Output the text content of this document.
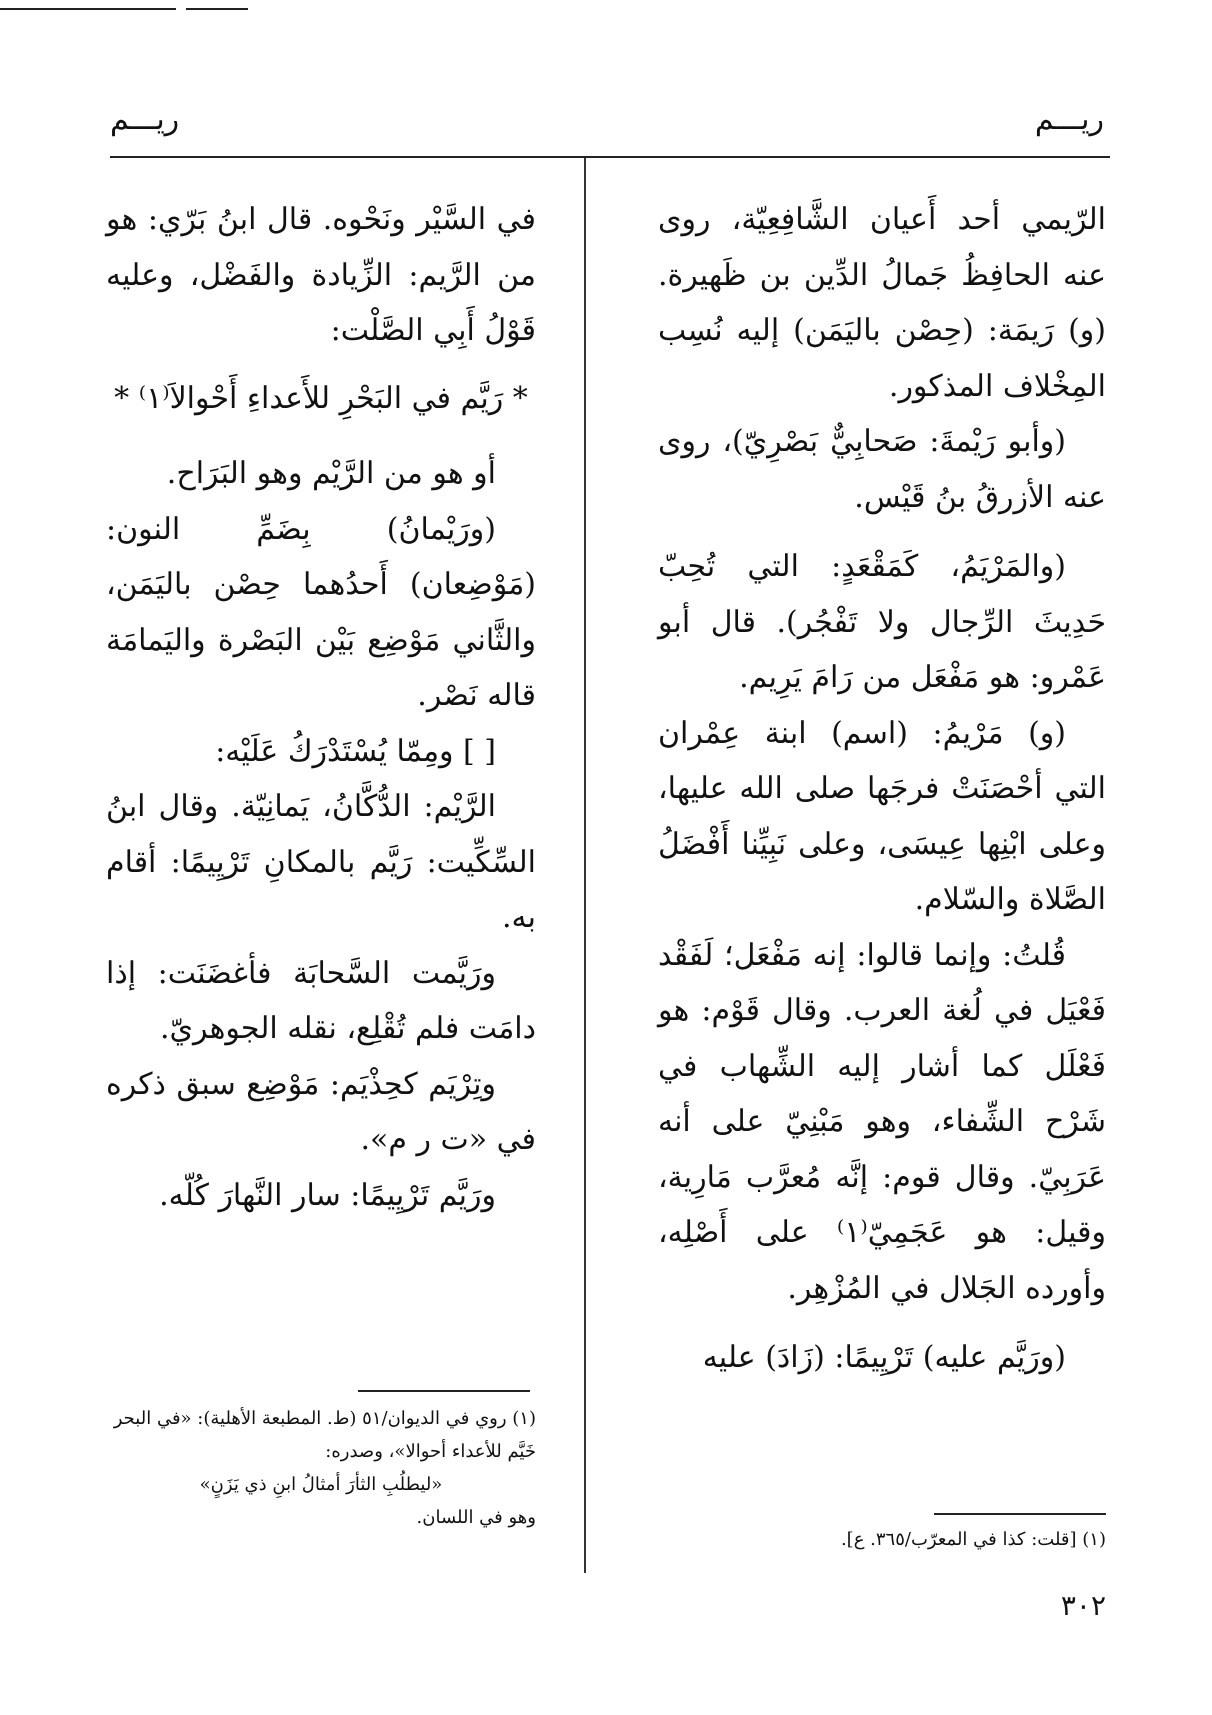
ريـــم
ريـــم

الرّيمي أحد أَعيان الشَّافِعِيّة، روى عنه الحافِظُ جَمالُ الدِّين بن ظَهيرة. (و) رَيمَة: (حِصْن باليَمَن) إليه نُسِب المِخْلاف المذكور.

(وأبو رَيْمةَ: صَحابِيٌّ بَصْرِيّ)، روى عنه الأزرقُ بنُ قَيْس.

(والمَرْيَمُ، كَمَقْعَدٍ: التي تُحِبّ حَدِيثَ الرِّجال ولا تَفْجُر). قال أبو عَمْرو: هو مَفْعَل من رَامَ يَرِيم.

(و) مَرْيمُ: (اسم) ابنة عِمْران التي أحْصَنَتْ فرجَها صلى الله عليها، وعلى ابْنِها عِيسَى، وعلى نَبِيِّنا أَفْضَلُ الصَّلاة والسّلام.

قُلتُ: وإنما قالوا: إنه مَفْعَل؛ لَفَقْد فَعْيَل في لُغة العرب. وقال قَوْم: هو فَعْلَل كما أشار إليه الشِّهاب في شَرْح الشِّفاء، وهو مَبْنِيّ على أنه عَرَبِيّ. وقال قوم: إنَّه مُعرَّب مَارِية، وقيل: هو عَجَمِيّ⁽١⁾ على أَصْلِه، وأورده الجَلال في المُزْهِر.

(ورَيَّم عليه) تَرْيِيمًا: (زَادَ) عليه

في السَّيْر ونَحْوه. قال ابنُ بَرّي: هو من الرَّيم: الزِّيادة والفَضْل، وعليه قَوْلُ أَبِي الصَّلْت:

* رَيَّم في البَحْرِ للأَعداءِ أَحْوالاَ⁽١⁾ *

أو هو من الرَّيْم وهو البَرَاح.

(ورَيْمانُ) بِضَمِّ النون: (مَوْضِعان) أَحدُهما حِصْن باليَمَن، والثَّاني مَوْضِع بَيْن البَصْرة واليَمامَة قاله نَصْر.

[ ] ومِمّا يُسْتَدْرَكُ عَلَيْه:

الرَّيْم: الدُّكَّانُ، يَمانِيّة. وقال ابنُ السِّكِّيت: رَيَّم بالمكانِ تَرْيِيمًا: أقام به.

ورَيَّمت السَّحابَة فأغضَنَت: إذا دامَت فلم تُقْلِع، نقله الجوهريّ.

وتِرْيَم كحِذْيَم: مَوْضِع سبق ذكره في «ت ر م».

ورَيَّم تَرْيِيمًا: سار النَّهارَ كُلّه.

(١) روي في الديوان/٥١ (ط. المطبعة الأهلية): «في البحر خَيَّم للأعداء أحوالا»، وصدره:
«ليطلُبِ الثأرَ أمثالُ ابنِ ذي يَزَنٍ»
وهو في اللسان.
(١) [قلت: كذا في المعرّب/٣٦٥. ع].
٣٠٢
